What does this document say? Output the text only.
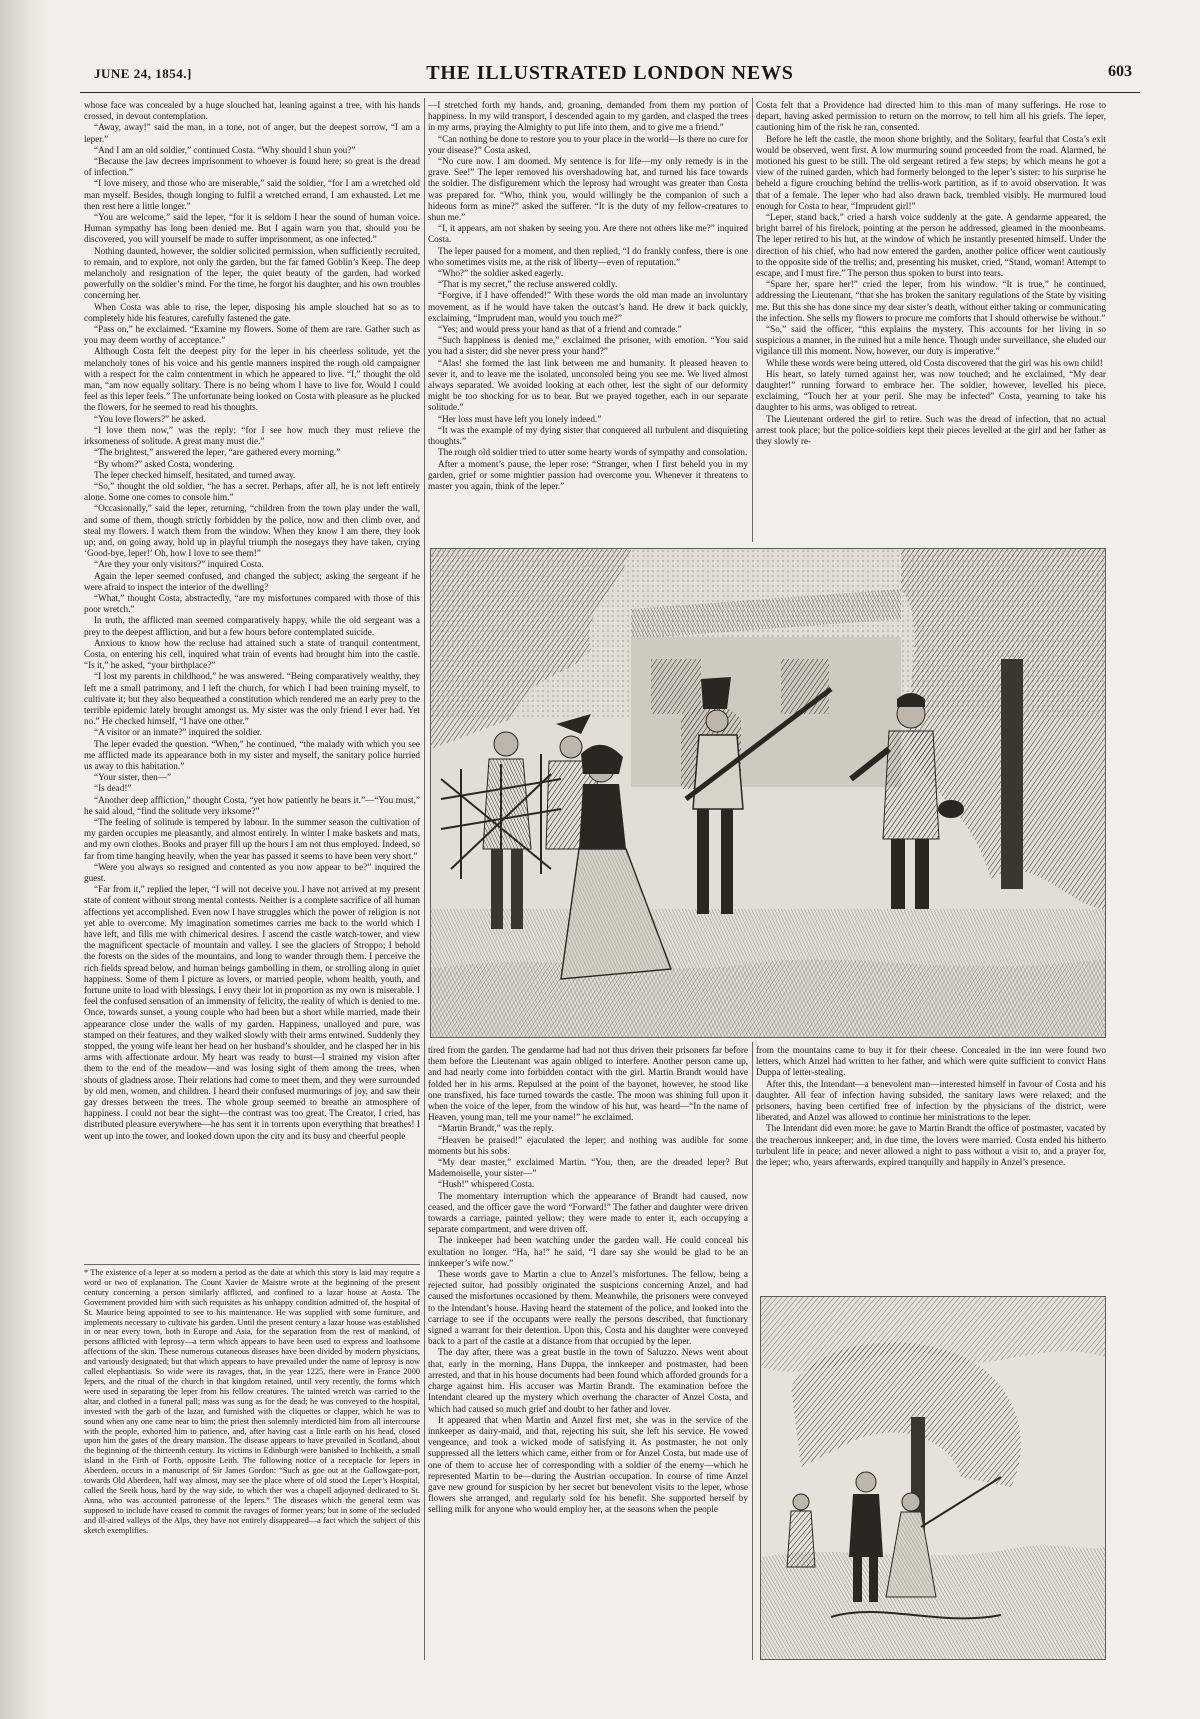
JUNE 24, 1854.]	THE ILLUSTRATED LONDON NEWS	603

whose face was concealed by a huge slouched hat, leaning against a tree, with his hands crossed, in devout contemplation.

“Away, away!” said the man, in a tone, not of anger, but the deepest sorrow, “I am a leper.”

“And I am an old soldier,” continued Costa. “Why should I shun you?”

“Because the law decrees imprisonment to whoever is found here; so great is the dread of infection.”

“I love misery, and those who are miserable,” said the soldier, “for I am a wretched old man myself. Besides, though longing to fulfil a wretched errand, I am exhausted. Let me then rest here a little longer.”

“You are welcome,” said the leper, “for it is seldom I hear the sound of human voice. Human sympathy has long been denied me. But I again warn you that, should you be discovered, you will yourself be made to suffer imprisonment, as one infected.”

Nothing daunted, however, the soldier solicited permission, when sufficiently recruited, to remain, and to explore, not only the garden, but the far famed Goblin’s Keep. The deep melancholy and resignation of the leper, the quiet beauty of the garden, had worked powerfully on the soldier’s mind. For the time, he forgot his daughter, and his own troubles concerning her.

When Costa was able to rise, the leper, disposing his ample slouched hat so as to completely hide his features, carefully fastened the gate.

“Pass on,” he exclaimed. “Examine my flowers. Some of them are rare. Gather such as you may deem worthy of acceptance.”

Although Costa felt the deepest pity for the leper in his cheerless solitude, yet the melancholy tones of his voice and his gentle manners inspired the rough old campaigner with a respect for the calm contentment in which he appeared to live. “I,” thought the old man, “am now equally solitary. There is no being whom I have to live for. Would I could feel as this leper feels.” The unfortunate being looked on Costa with pleasure as he plucked the flowers, for he seemed to read his thoughts.

“You love flowers?” he asked.

“I love them now,” was the reply; “for I see how much they must relieve the irksomeness of solitude. A great many must die.”

“The brightest,” answered the leper, “are gathered every morning.”

“By whom?” asked Costa, wondering.

The leper checked himself, hesitated, and turned away.

“So,” thought the old soldier, “he has a secret. Perhaps, after all, he is not left entirely alone. Some one comes to console him.”

“Occasionally,” said the leper, returning, “children from the town play under the wall, and some of them, though strictly forbidden by the police, now and then climb over, and steal my flowers. I watch them from the window. When they know I am there, they look up; and, on going away, hold up in playful triumph the nosegays they have taken, crying ‘Good-bye, leper!’ Oh, how I love to see them!”

“Are they your only visitors?” inquired Costa.

Again the leper seemed confused, and changed the subject; asking the sergeant if he were afraid to inspect the interior of the dwelling?

“What,” thought Costa, abstractedly, “are my misfortunes compared with those of this poor wretch.”

In truth, the afflicted man seemed comparatively happy, while the old sergeant was a prey to the deepest affliction, and but a few hours before contemplated suicide.

Anxious to know how the recluse had attained such a state of tranquil contentment, Costa, on entering his cell, inquired what train of events had brought him into the castle. “Is it,” he asked, “your birthplace?”

“I lost my parents in childhood,” he was answered. “Being comparatively wealthy, they left me a small patrimony, and I left the church, for which I had been training myself, to cultivate it; but they also bequeathed a constitution which rendered me an early prey to the terrible epidemic lately brought amongst us. My sister was the only friend I ever had. Yet no.” He checked himself, “I have one other.”

“A visitor or an inmate?” inquired the soldier.

The leper evaded the question. “When,” he continued, “the malady with which you see me afflicted made its appearance both in my sister and myself, the sanitary police hurried us away to this habitation.”

“Your sister, then—”

“Is dead!”

“Another deep affliction,” thought Costa, “yet how patiently he bears it.”—“You must,” he said aloud, “find the solitude very irksome?”

“The feeling of solitude is tempered by labour. In the summer season the cultivation of my garden occupies me pleasantly, and almost entirely. In winter I make baskets and mats, and my own clothes. Books and prayer fill up the hours I am not thus employed. Indeed, so far from time hanging heavily, when the year has passed it seems to have been very short.”

“Were you always so resigned and contented as you now appear to be?” inquired the guest.

“Far from it,” replied the leper, “I will not deceive you. I have not arrived at my present state of content without strong mental contests. Neither is a complete sacrifice of all human affections yet accomplished. Even now I have struggles which the power of religion is not yet able to overcome. My imagination sometimes carries me back to the world which I have left, and fills me with chimerical desires. I ascend the castle watch-tower, and view the magnificent spectacle of mountain and valley. I see the glaciers of Stroppo; I behold the forests on the sides of the mountains, and long to wander through them. I perceive the rich fields spread below, and human beings gambolling in them, or strolling along in quiet happiness. Some of them I picture as lovers, or married people, whom health, youth, and fortune unite to load with blessings. I envy their lot in proportion as my own is miserable. I feel the confused sensation of an immensity of felicity, the reality of which is denied to me. Once, towards sunset, a young couple who had been but a short while married, made their appearance close under the walls of my garden. Happiness, unalloyed and pure, was stamped on their features, and they walked slowly with their arms entwined. Suddenly they stopped, the young wife leant her head on her husband’s shoulder, and he clasped her in his arms with affectionate ardour. My heart was ready to burst—I strained my vision after them to the end of the meadow—and was losing sight of them among the trees, when shouts of gladness arose. Their relations had come to meet them, and they were surrounded by old men, women, and children. I heard their confused murmurings of joy, and saw their gay dresses between the trees. The whole group seemed to breathe an atmosphere of happiness. I could not bear the sight—the contrast was too great. The Creator, I cried, has distributed pleasure everywhere—he has sent it in torrents upon everything that breathes! I went up into the tower, and looked down upon the city and its busy and cheerful people

* The existence of a leper at so modern a period as the date at which this story is laid may require a word or two of explanation. The Count Xavier de Maistre wrote at the beginning of the present century concerning a person similarly afflicted, and confined to a lazar house at Aosta. The Government provided him with such requisites as his unhappy condition admitted of, the hospital of St. Maurice being appointed to see to his maintenance. He was supplied with some furniture, and implements necessary to cultivate his garden. Until the present century a lazar house was established in or near every town, both in Europe and Asia, for the separation from the rest of mankind, of persons afflicted with leprosy—a term which appears to have been used to express and loathsome affections of the skin. These numerous cutaneous diseases have been divided by modern physicians, and variously designated; but that which appears to have prevailed under the name of leprosy is now called elephantiasis. So wide were its ravages, that, in the year 1225, there were in France 2000 lepers, and the ritual of the church in that kingdom retained, until very recently, the forms which were used in separating the leper from his fellow creatures. The tainted wretch was carried to the altar, and clothed in a funeral pall; mass was sung as for the dead; he was conveyed to the hospital, invested with the garb of the lazar, and furnished with the cliquettes or clapper, which he was to sound when any one came near to him; the priest then solemnly interdicted him from all intercourse with the people, exhorted him to patience, and, after having cast a little earth on his head, closed upon him the gates of the dreary mansion. The disease appears to have prevailed in Scotland, about the beginning of the thirteenth century. Its victims in Edinburgh were banished to Inchkeith, a small island in the Firth of Forth, opposite Leith. The following notice of a receptacle for lepers in Aberdeen, occurs in a manuscript of Sir James Gordon: “Such as goe out at the Gallowgate-port, towards Old Aberdeen, half way almost, may see the place where of old stood the Leper’s Hospital, called the Seeik hous, hard by the way side, to which ther was a chapell adjoyned dedicated to St. Anna, who was accounted patronesse of the lepers.” The diseases which the general term was supposed to include have ceased to commit the ravages of former years; but in some of the secluded and ill-aired valleys of the Alps, they have not entirely disappeared—a fact which the subject of this sketch exemplifies.

—I stretched forth my hands, and, groaning, demanded from them my portion of happiness. In my wild transport, I descended again to my garden, and clasped the trees in my arms, praying the Almighty to put life into them, and to give me a friend.”

“Can nothing be done to restore you to your place in the world—Is there no cure for your disease?” Costa asked.

“No cure now. I am doomed. My sentence is for life—my only remedy is in the grave. See!” The leper removed his overshadowing hat, and turned his face towards the soldier. The disfigurement which the leprosy had wrought was greater than Costa was prepared for. “Who, think you, would willingly be the companion of such a hideous form as mine?” asked the sufferer. “It is the duty of my fellow-creatures to shun me.”

“I, it appears, am not shaken by seeing you. Are there not others like me?” inquired Costa.

The leper paused for a moment, and then replied, “I do frankly confess, there is one who sometimes visits me, at the risk of liberty—even of reputation.”

“Who?” the soldier asked eagerly.

“That is my secret,” the recluse answered coldly.

“Forgive, if I have offended!” With these words the old man made an involuntary movement, as if he would have taken the outcast’s hand. He drew it back quickly, exclaiming, “Imprudent man, would you touch me?”

“Yes; and would press your hand as that of a friend and comrade.”

“Such happiness is denied me,” exclaimed the prisoner, with emotion. “You said you had a sister; did she never press your hand?”

“Alas! she formed the last link between me and humanity. It pleased heaven to sever it, and to leave me the isolated, unconsoled being you see me. We lived almost always separated. We avoided looking at each other, lest the sight of our deformity might be too shocking for us to bear. But we prayed together, each in our separate solitude.”

“Her loss must have left you lonely indeed.”

“It was the example of my dying sister that conquered all turbulent and disquieting thoughts.”

The rough old soldier tried to utter some hearty words of sympathy and consolation.

After a moment’s pause, the leper rose: “Stranger, when I first beheld you in my garden, grief or some mightier passion had overcome you. Whenever it threatens to master you again, think of the leper.”

Costa felt that a Providence had directed him to this man of many sufferings. He rose to depart, having asked permission to return on the morrow, to tell him all his griefs. The leper, cautioning him of the risk he ran, consented.

Before he left the castle, the moon shone brightly, and the Solitary, fearful that Costa’s exit would be observed, went first. A low murmuring sound proceeded from the road. Alarmed, he motioned his guest to be still. The old sergeant retired a few steps; by which means he got a view of the ruined garden, which had formerly belonged to the leper’s sister: to his surprise he beheld a figure crouching behind the trellis-work partition, as if to avoid observation. It was that of a female. The leper who had also drawn back, trembled visibly. He murmured loud enough for Costa to hear, “Imprudent girl!”

“Leper, stand back,” cried a harsh voice suddenly at the gate. A gendarme appeared, the bright barrel of his firelock, pointing at the person he addressed, gleamed in the moonbeams. The leper retired to his hut, at the window of which he instantly presented himself. Under the direction of his chief, who had now entered the garden, another police officer went cautiously to the opposite side of the trellis; and, presenting his musket, cried, “Stand, woman! Attempt to escape, and I must fire.” The person thus spoken to burst into tears.

“Spare her, spare her!” cried the leper, from his window. “It is true,” he continued, addressing the Lieutenant, “that she has broken the sanitary regulations of the State by visiting me. But this she has done since my dear sister’s death, without either taking or communicating the infection. She sells my flowers to procure me comforts that I should otherwise be without.”

“So,” said the officer, “this explains the mystery. This accounts for her living in so suspicious a manner, in the ruined hut a mile hence. Though under surveillance, she eluded our vigilance till this moment. Now, however, our duty is imperative.”

While these words were being uttered, old Costa discovered that the girl was his own child!

His heart, so lately turned against her, was now touched; and he exclaimed, “My dear daughter!” running forward to embrace her. The soldier, however, levelled his piece, exclaiming, “Touch her at your peril. She may be infected” Costa, yearning to take his daughter to his arms, was obliged to retreat.

The Lieutenant ordered the girl to retire. Such was the dread of infection, that no actual arrest took place; but the police-soldiers kept their pieces levelled at the girl and her father as they slowly re-

tired from the garden. The gendarme had had not thus driven their prisoners far before them before the Lieutenant was again obliged to interfere. Another person came up, and had nearly come into forbidden contact with the girl. Martin Brandt would have folded her in his arms. Repulsed at the point of the bayonet, however, he stood like one transfixed, his face turned towards the castle. The moon was shining full upon it when the voice of the leper, from the window of his hut, was heard—“In the name of Heaven, young man, tell me your name!” he exclaimed.

“Martin Brandt,” was the reply.

“Heaven be praised!” ejaculated the leper; and nothing was audible for some moments but his sobs.

“My dear master,” exclaimed Martin. “You, then, are the dreaded leper? But Mademoiselle, your sister—”

“Hush!” whispered Costa.

The momentary interruption which the appearance of Brandt had caused, now ceased, and the officer gave the word “Forward!” The father and daughter were driven towards a carriage, painted yellow; they were made to enter it, each occupying a separate compartment, and were driven off.

The innkeeper had been watching under the garden wall. He could conceal his exultation no longer. “Ha, ha!” he said, “I dare say she would be glad to be an innkeeper’s wife now.”

These words gave to Martin a clue to Anzel’s misfortunes. The fellow, being a rejected suitor, had possibly originated the suspicions concerning Anzel, and had caused the misfortunes occasioned by them. Meanwhile, the prisoners were conveyed to the Intendant’s house. Having heard the statement of the police, and looked into the carriage to see if the occupants were really the persons described, that functionary signed a warrant for their detention. Upon this, Costa and his daughter were conveyed back to a part of the castle at a distance from that occupied by the leper.

The day after, there was a great bustle in the town of Saluzzo. News went about that, early in the morning, Hans Duppa, the innkeeper and postmaster, had been arrested, and that in his house documents had been found which afforded grounds for a charge against him. His accuser was Martin Brandt. The examination before the Intendant cleared up the mystery which overhung the character of Anzel Costa, and which had caused so much grief and doubt to her father and lover.

It appeared that when Martin and Anzel first met, she was in the service of the innkeeper as dairy-maid, and that, rejecting his suit, she left his service. He vowed vengeance, and took a wicked mode of satisfying it. As postmaster, he not only suppressed all the letters which came, either from or for Anzel Costa, but made use of one of them to accuse her of corresponding with a soldier of the enemy—which he represented Martin to be—during the Austrian occupation. In course of time Anzel gave new ground for suspicion by her secret but benevolent visits to the leper, whose flowers she arranged, and regularly sold for his benefit. She supported herself by selling milk for anyone who would employ her, at the seasons when the people

from the mountains came to buy it for their cheese. Concealed in the inn were found two letters, which Anzel had written to her father, and which were quite sufficient to convict Hans Duppa of letter-stealing.

After this, the Intendant—a benevolent man—interested himself in favour of Costa and his daughter. All fear of infection having subsided, the sanitary laws were relaxed; and the prisoners, having been certified free of infection by the physicians of the district, were liberated, and Anzel was allowed to continue her ministrations to the leper.

The Intendant did even more: he gave to Martin Brandt the office of postmaster, vacated by the treacherous innkeeper; and, in due time, the lovers were married. Costa ended his hitherto turbulent life in peace; and never allowed a night to pass without a visit to, and a prayer for, the leper; who, years afterwards, expired tranquilly and happily in Anzel’s presence.
